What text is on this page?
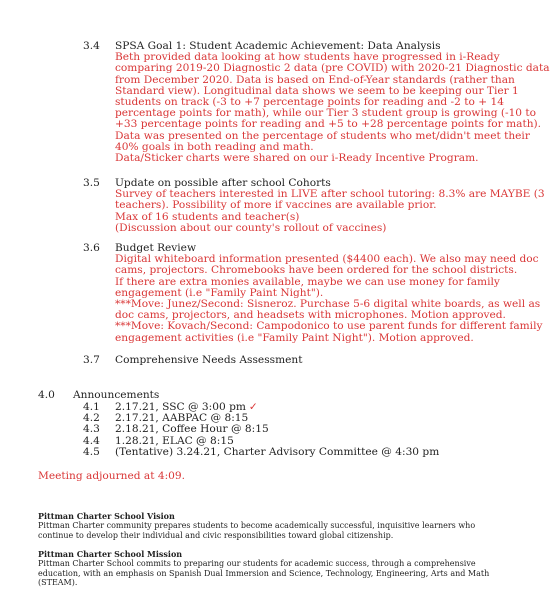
3.4	SPSA Goal 1: Student Academic Achievement: Data Analysis
Beth provided data looking at how students have progressed in i-Ready
comparing 2019-20 Diagnostic 2 data (pre COVID) with 2020-21 Diagnostic data
from December 2020. Data is based on End-of-Year standards (rather than
Standard view). Longitudinal data shows we seem to be keeping our Tier 1
students on track (-3 to +7 percentage points for reading and -2 to + 14
percentage points for math), while our Tier 3 student group is growing (-10 to
+33 percentage points for reading and +5 to +28 percentage points for math).
Data was presented on the percentage of students who met/didn't meet their
40% goals in both reading and math.
Data/Sticker charts were shared on our i-Ready Incentive Program.
3.5	Update on possible after school Cohorts
Survey of teachers interested in LIVE after school tutoring: 8.3% are MAYBE (3
teachers). Possibility of more if vaccines are available prior.
Max of 16 students and teacher(s)
(Discussion about our county's rollout of vaccines)
3.6	Budget Review
Digital whiteboard information presented ($4400 each). We also may need doc
cams, projectors. Chromebooks have been ordered for the school districts.
If there are extra monies available, maybe we can use money for family
engagement (i.e "Family Paint Night").
***Move: Junez/Second: Sisneroz. Purchase 5-6 digital white boards, as well as
doc cams, projectors, and headsets with microphones. Motion approved.
***Move: Kovach/Second: Campodonico to use parent funds for different family
engagement activities (i.e "Family Paint Night"). Motion approved.
3.7	Comprehensive Needs Assessment
4.0 Announcements
4.1	2.17.21, SSC @ 3:00 pm ✓
4.2	2.17.21, AABPAC @ 8:15
4.3	2.18.21, Coffee Hour @ 8:15
4.4	1.28.21, ELAC @ 8:15
4.5	(Tentative) 3.24.21, Charter Advisory Committee @ 4:30 pm
Meeting adjourned at 4:09.
Pittman Charter School Vision
Pittman Charter community prepares students to become academically successful, inquisitive learners who
continue to develop their individual and civic responsibilities toward global citizenship.
Pittman Charter School Mission
Pittman Charter School commits to preparing our students for academic success, through a comprehensive
education, with an emphasis on Spanish Dual Immersion and Science, Technology, Engineering, Arts and Math
(STEAM).
